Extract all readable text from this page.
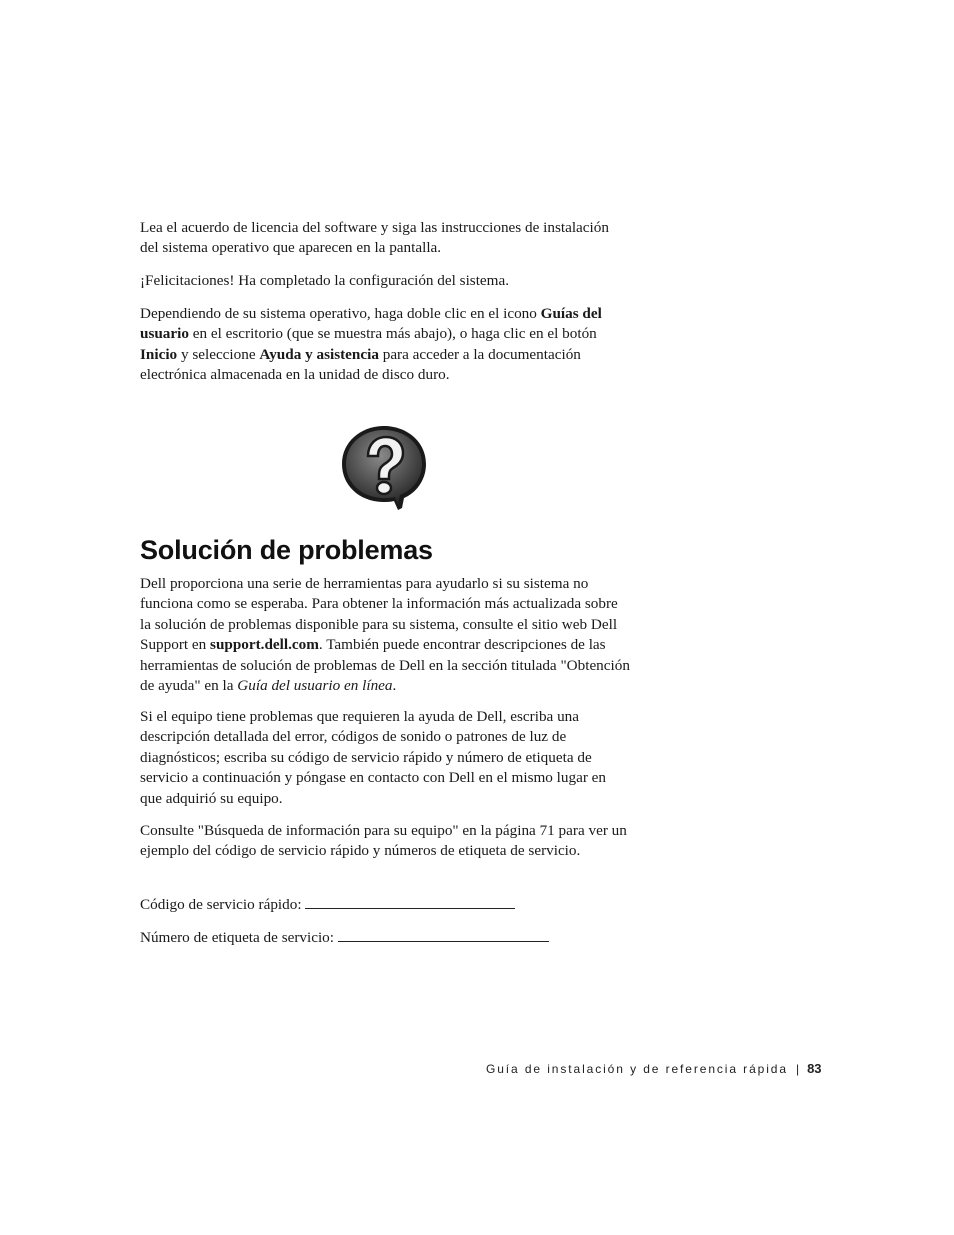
Lea el acuerdo de licencia del software y siga las instrucciones de instalación del sistema operativo que aparecen en la pantalla.

¡Felicitaciones! Ha completado la configuración del sistema.

Dependiendo de su sistema operativo, haga doble clic en el icono Guías del usuario en el escritorio (que se muestra más abajo), o haga clic en el botón Inicio y seleccione Ayuda y asistencia para acceder a la documentación electrónica almacenada en la unidad de disco duro.

Solución de problemas

Dell proporciona una serie de herramientas para ayudarlo si su sistema no funciona como se esperaba. Para obtener la información más actualizada sobre la solución de problemas disponible para su sistema, consulte el sitio web Dell Support en support.dell.com. También puede encontrar descripciones de las herramientas de solución de problemas de Dell en la sección titulada "Obtención de ayuda" en la Guía del usuario en línea.

Si el equipo tiene problemas que requieren la ayuda de Dell, escriba una descripción detallada del error, códigos de sonido o patrones de luz de diagnósticos; escriba su código de servicio rápido y número de etiqueta de servicio a continuación y póngase en contacto con Dell en el mismo lugar en que adquirió su equipo.

Consulte "Búsqueda de información para su equipo" en la página 71 para ver un ejemplo del código de servicio rápido y números de etiqueta de servicio.

Código de servicio rápido:
Número de etiqueta de servicio:
Guía de instalación y de referencia rápida | 83
